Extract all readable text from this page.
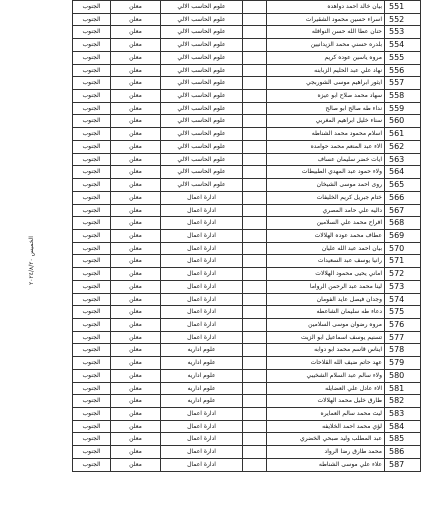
الخميس ٢٠٢٤/٨/٢٠
الجنوب	معلن	علوم الحاسب الالي	بيان خالد احمد دواهده 551
الجنوب	معلن	علوم الحاسب الالي	اسراء حسين محمود الشقيرات 552
الجنوب	معلن	علوم الحاسب الالي	حنان عطا الله حسن النوافله 553
الجنوب	معلن	علوم الحاسب الالي	بلدره حسني محمد الزيدانيين 554
الجنوب	معلن	علوم الحاسب الالي	مروه ياسين عوده كريم 555
الجنوب	معلن	علوم الحاسب الالي	نهاد علي عبد الحليم الزبابنه 556
الجنوب	معلن	علوم الحاسب الالي	ايثور ابراهيم موسى الشوربجي 557
الجنوب	معلن	علوم الحاسب الالي	سهاد محمد صلاح ابو عيزه 558
الجنوب	معلن	علوم الحاسب الالي	نداء طه صالح ابو صالح 559
الجنوب	معلن	علوم الحاسب الالي	سناء خليل ابراهيم المغربي 560
الجنوب	معلن	علوم الحاسب الالي	اسلام محمود محمد الشناطه 561
الجنوب	معلن	علوم الحاسب الالي	الاء عبد المنعم محمد حوامده 562
الجنوب	معلن	علوم الحاسب الالي	ايات خضر سليمان عساف 563
الجنوب	معلن	علوم الحاسب الالي	ولاء حمود عبد المهدي الطبيطات 564
الجنوب	معلن	علوم الحاسب الالي	روى احمد موسى الشيخان 565
الجنوب	معلن	ادارة اعمال	ختام جبريل كريم الخليفات 566
الجنوب	معلن	ادارة اعمال	داليه علي حامد المصري 567
الجنوب	معلن	ادارة اعمال	افراح محمد علي السلامين 568
الجنوب	معلن	ادارة اعمال	عطاف محمد عوده الهلالات 569
الجنوب	معلن	ادارة اعمال	بيان احمد عبد الله عليان 570
الجنوب	معلن	ادارة اعمال	رانيا يوسف عبد السعيدات 571
الجنوب	معلن	ادارة اعمال	اماني يحيى محمود الهلالات 572
الجنوب	معلن	ادارة اعمال	لينا محمد عبد الرحمن الرواما 573
الجنوب	معلن	ادارة اعمال	وجدان فيصل عايد الفومان 574
الجنوب	معلن	ادارة اعمال	دعاء طه سليمان الشاعطه 575
الجنوب	معلن	ادارة اعمال	مروه رضوان موسى السلامين 576
الجنوب	معلن	ادارة اعمال	تسنيم يوسف اسماعيل ابو الزيت 577
الجنوب	معلن	علوم اداريه	ايناس قاسم محمد ابو دوابه 578
الجنوب	معلن	علوم اداريه	عهد حاتم ضيف الله القلاحات 579
الجنوب	معلن	علوم اداريه	ولاء سالم عبد السلام الشخيبي 580
الجنوب	معلن	علوم اداريه	الاء عادل علي العضايله 581
الجنوب	معلن	علوم اداريه	طارق خليل محمد الهلالات 582
الجنوب	معلن	ادارة اعمال	ليث محمد سالم العمايره 583
الجنوب	معلن	ادارة اعمال	لؤي محمد احمد الخلايفه 584
الجنوب	معلن	ادارة اعمال	عبد المطلب وليد صبحي الخضري 585
الجنوب	معلن	ادارة اعمال	محمد طارق رضا الرواد 586
الجنوب	معلن	ادارة اعمال	علاء علي موسى الشناطه 587
